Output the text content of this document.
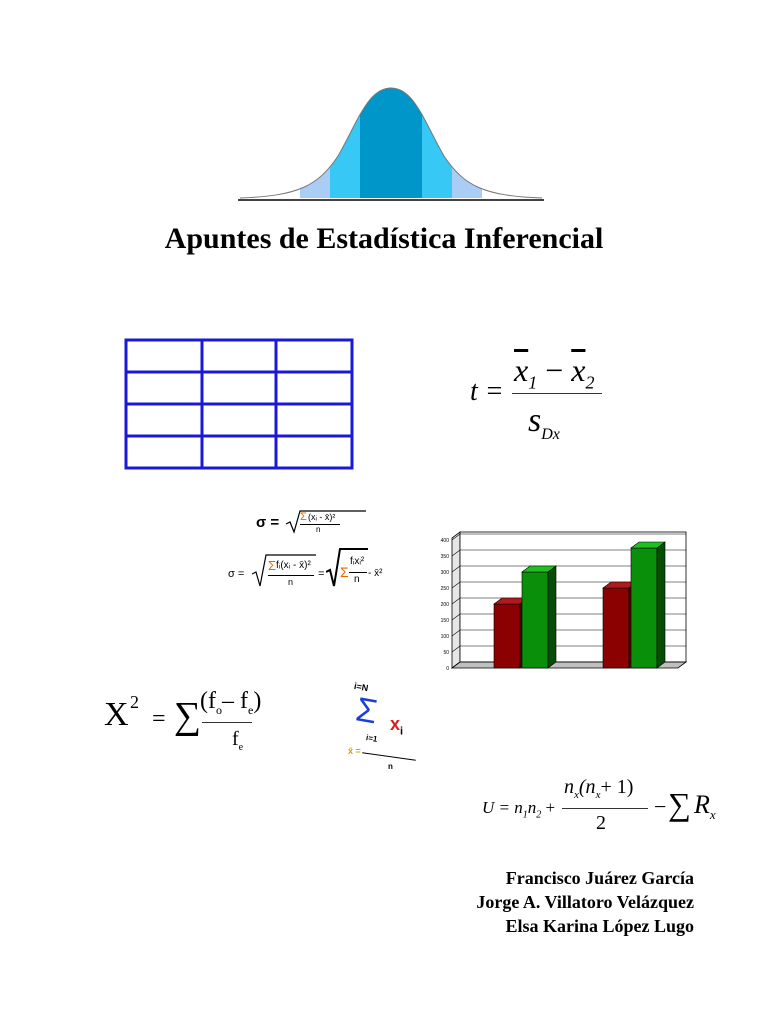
Apuntes de Estadística Inferencial
t =
$\overline{x}_1 - \overline{x}_2$
$s_{Dx}$
σ = Σ (xᵢ - x̄)²
n
σ =
Σ fᵢ(xᵢ - x̄)²
n
= Σ
fᵢxᵢ²
n
- x̄²
400
350
300
250
200
150
100
50
0
X 2
= ∑
($f_o-$ $f_e$)
$f_e$
i=N
Σ
i=1
$x_i$
x̄ =
n
$U = n_1n_2$ +
$n_x(n_x+ 1)$
2
− ∑ $R_x$
Francisco Juárez García
Jorge A. Villatoro Velázquez
Elsa Karina López Lugo
